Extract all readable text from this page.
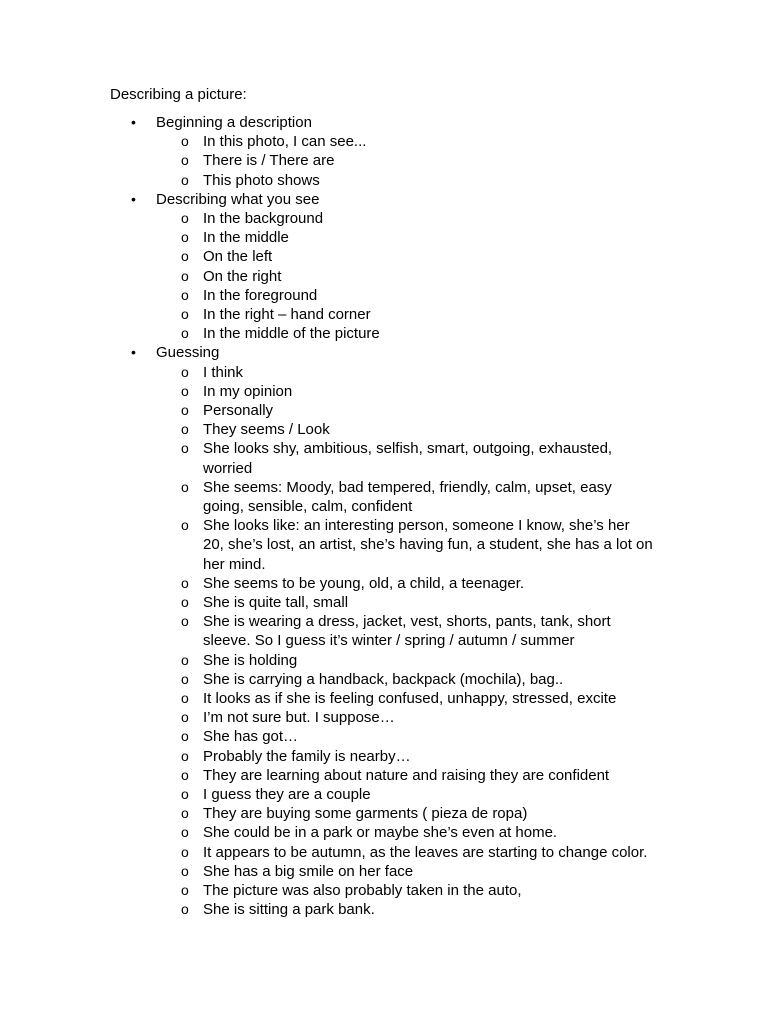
Describing a picture:
•	Beginning a description
o In this photo, I can see...
o There is / There are
o This photo shows
•	Describing what you see
o In the background
o In the middle
o On the left
o On the right
o In the foreground
o In the right – hand corner
o In the middle of the picture
•	Guessing
o I think
o In my opinion
o Personally
o They seems / Look
o She looks shy, ambitious, selfish, smart, outgoing, exhausted, worried
o She seems: Moody, bad tempered, friendly, calm, upset, easy going, sensible, calm, confident
o She looks like: an interesting person, someone I know, she’s her 20, she’s lost, an artist, she’s having fun, a student, she has a lot on her mind.
o She seems to be young, old, a child, a teenager.
o She is quite tall, small
o She is wearing a dress, jacket, vest, shorts, pants, tank, short sleeve. So I guess it’s winter / spring / autumn / summer
o She is holding
o She is carrying a handback, backpack (mochila), bag..
o It looks as if she is feeling confused, unhappy, stressed, excite
o I’m not sure but. I suppose…
o She has got…
o Probably the family is nearby…
o They are learning about nature and raising they are confident
o I guess they are a couple
o They are buying some garments ( pieza de ropa)
o She could be in a park or maybe she’s even at home.
o It appears to be autumn, as the leaves are starting to change color.
o She has a big smile on her face
o The picture was also probably taken in the auto,
o She is sitting a park bank.
